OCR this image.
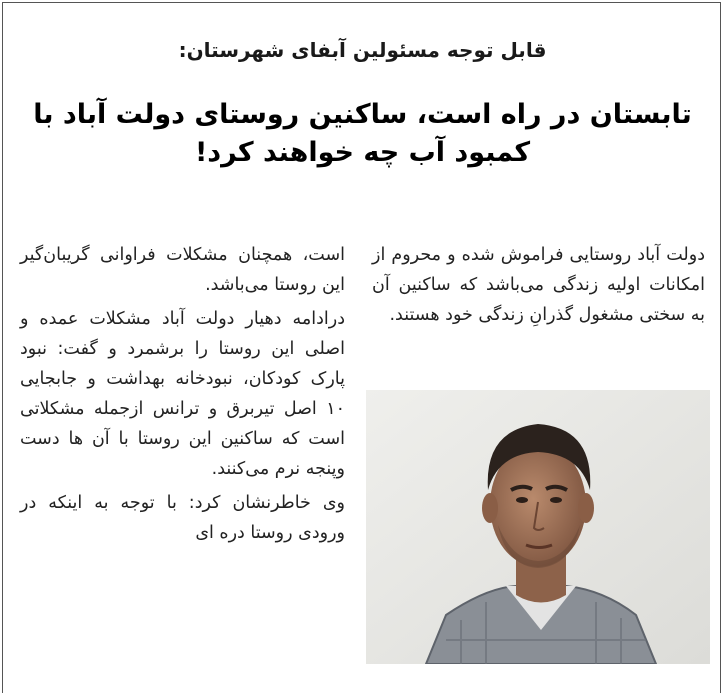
قابل توجه مسئولین آبفای شهرستان:
تابستان در راه است، ساکنین روستای دولت آباد با
کمبود آب چه خواهند کرد!

دولت آباد روستایی فراموش شده و محروم از امکانات اولیه زندگی می‌باشد که ساکنین آن به سختی مشغول گذرانِ زندگی خود هستند.

است، همچنان مشکلات فراوانی گریبان‌گیر این روستا می‌باشد.

درادامه دهیار دولت آباد مشکلات عمده و اصلی این روستا را برشمرد و گفت: نبود پارک کودکان، نبودخانه بهداشت و جابجایی ۱۰ اصل تیربرق و ترانس ازجمله مشکلاتی است که ساکنین این روستا با آن ها دست وپنجه نرم می‌کنند.

وی خاطرنشان کرد: با توجه به اینکه در ورودی روستا دره ای
